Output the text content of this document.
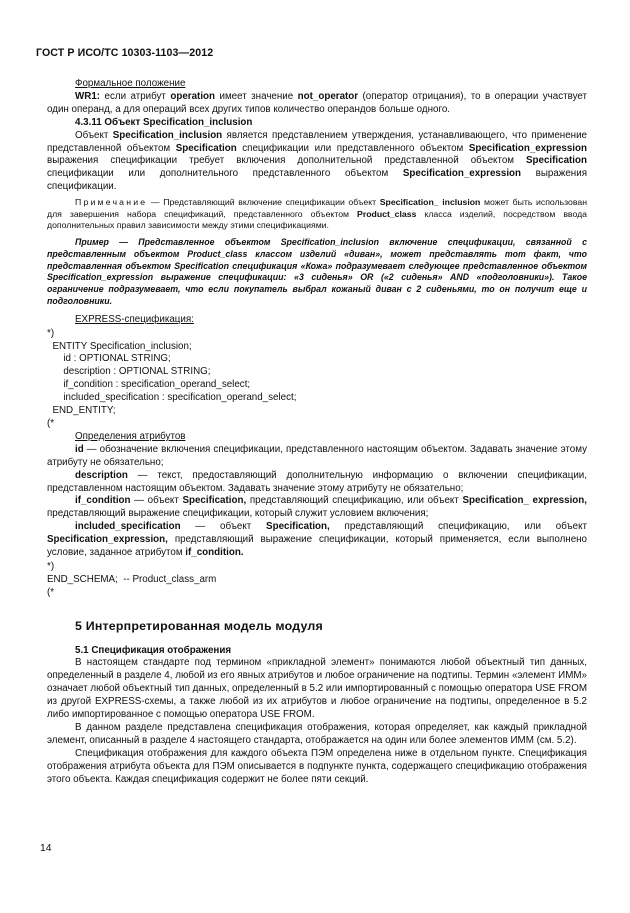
ГОСТ Р ИСО/ТС 10303-1103—2012

Формальное положение

WR1: если атрибут operation имеет значение not_operator (оператор отрицания), то в операции участвует один операнд, а для операций всех других типов количество операндов больше одного.

4.3.11 Объект Specification_inclusion

Объект Specification_inclusion является представлением утверждения, устанавливающего, что применение представленной объектом Specification спецификации или представленного объектом Specification_expression выражения спецификации требует включения дополнительной представленной объектом Specification спецификации или дополнительного представленного объектом Specification_expression выражения спецификации.

Примечание — Представляющий включение спецификации объект Specification_ inclusion может быть использован для завершения набора спецификаций, представленного объектом Product_class класса изделий, посредством ввода дополнительных правил зависимости между этими спецификациями.

Пример — Представленное объектом Specification_inclusion включение спецификации, связанной с представленным объектом Product_class классом изделий «диван», может представлять тот факт, что представленная объектом Specification спецификация «Кожа» подразумевает следующее представленное объектом Specification_expression выражение спецификации: «3 сиденья» OR («2 сиденья» AND «подголовники»). Такое ограничение подразумевает, что если покупатель выбрал кожаный диван с 2 сиденьями, то он получит еще и подголовники.

EXPRESS-спецификация:

*)

ENTITY Specification_inclusion;

id : OPTIONAL STRING;

description : OPTIONAL STRING;

if_condition : specification_operand_select;

included_specification : specification_operand_select;

END_ENTITY;

(*

Определения атрибутов

id — обозначение включения спецификации, представленного настоящим объектом. Задавать значение этому атрибуту не обязательно;

description — текст, предоставляющий дополнительную информацию о включении спецификации, представленном настоящим объектом. Задавать значение этому атрибуту не обязательно;

if_condition — объект Specification, представляющий спецификацию, или объект Specification_ expression, представляющий выражение спецификации, который служит условием включения;

included_specification — объект Specification, представляющий спецификацию, или объект Specification_expression, представляющий выражение спецификации, который применяется, если выполнено условие, заданное атрибутом if_condition.

*)

END_SCHEMA;  -- Product_class_arm

(*

5 Интерпретированная модель модуля

5.1 Спецификация отображения

В настоящем стандарте под термином «прикладной элемент» понимаются любой объектный тип данных, определенный в разделе 4, любой из его явных атрибутов и любое ограничение на подтипы. Термин «элемент ИММ» означает любой объектный тип данных, определенный в 5.2 или импортированный с помощью оператора USE FROM из другой EXPRESS-схемы, а также любой из их атрибутов и любое ограничение на подтипы, определенное в 5.2 либо импортированное с помощью оператора USE FROM.

В данном разделе представлена спецификация отображения, которая определяет, как каждый прикладной элемент, описанный в разделе 4 настоящего стандарта, отображается на один или более элементов ИММ (см. 5.2).

Спецификация отображения для каждого объекта ПЭМ определена ниже в отдельном пункте. Спецификация отображения атрибута объекта для ПЭМ описывается в подпункте пункта, содержащего спецификацию отображения этого объекта. Каждая спецификация содержит не более пяти секций.

14
